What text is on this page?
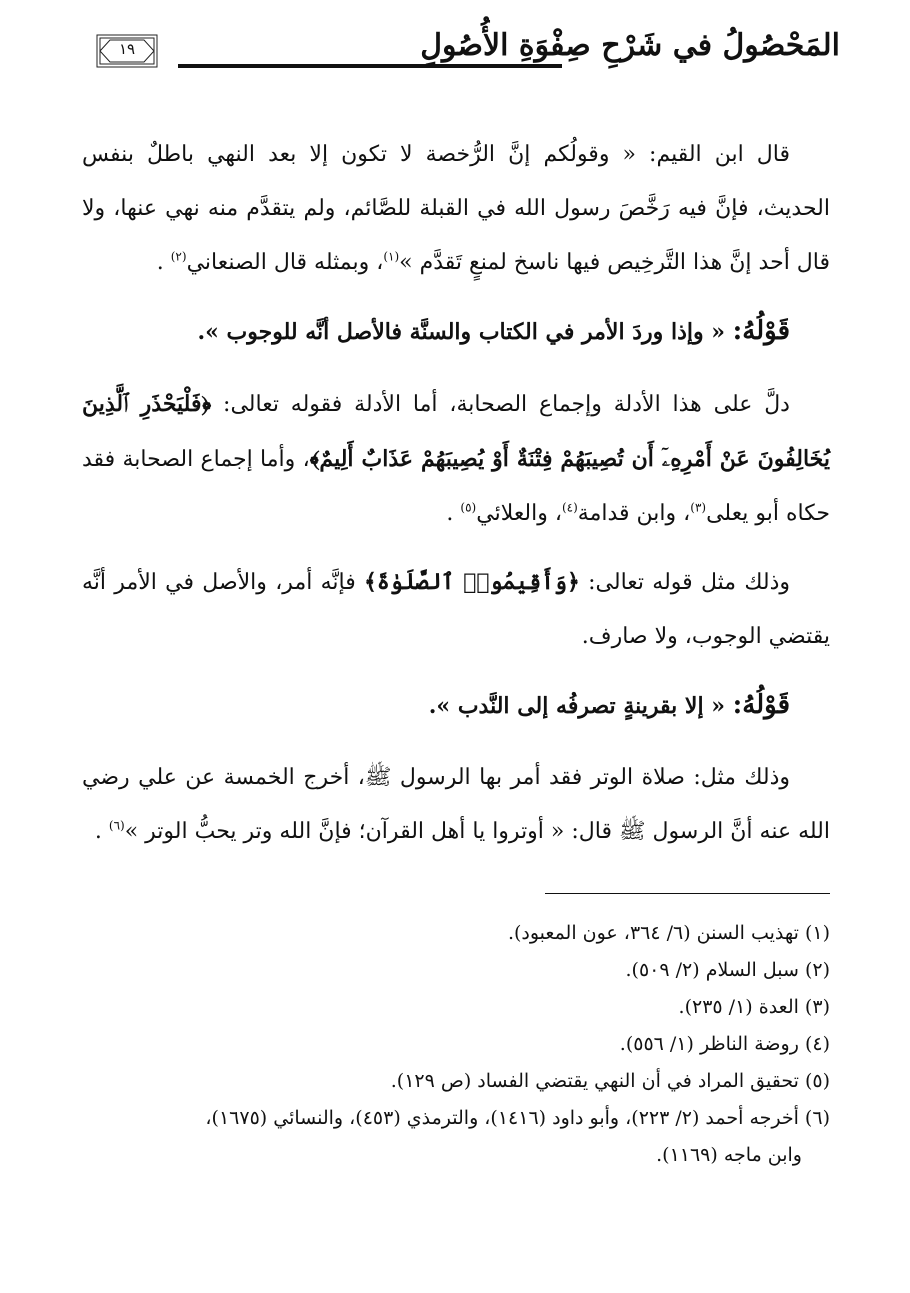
١٩	المَحْصُولُ في شَرْحِ صِفْوَةِ الأُصُولِ

قال ابن القيم: « وقولُكم إنَّ الرُّخصة لا تكون إلا بعد النهي باطلٌ بنفس الحديث، فإنَّ فيه رَخَّصَ رسول الله في القبلة للصَّائم، ولم يتقدَّم منه نهي عنها، ولا قال أحد إنَّ هذا التَّرخِيص فيها ناسخ لمنعٍ تَقدَّم »$^{(١)}$، وبمثله قال الصنعاني$^{(٢)}$ .

قَوْلُهُ: « وإذا وردَ الأمر في الكتاب والسنَّة فالأصل أنَّه للوجوب ».

دلَّ على هذا الأدلة وإجماع الصحابة، أما الأدلة فقوله تعالى: ﴿فَلْيَحْذَرِ ٱلَّذِينَ يُخَالِفُونَ عَنْ أَمْرِهِۦٓ أَن تُصِيبَهُمْ فِتْنَةٌ أَوْ يُصِيبَهُمْ عَذَابٌ أَلِيمٌ﴾، وأما إجماع الصحابة فقد حكاه أبو يعلى$^{(٣)}$، وابن قدامة$^{(٤)}$، والعلائي$^{(٥)}$ .

وذلك مثل قوله تعالى: ﴿وَأَقِيمُوا۟ ٱلصَّلَوٰةَ﴾ فإنَّه أمر، والأصل في الأمر أنَّه يقتضي الوجوب، ولا صارف.

قَوْلُهُ: « إلا بقرينةٍ تصرفُه إلى النَّدب ».

وذلك مثل: صلاة الوتر فقد أمر بها الرسول ﷺ، أخرج الخمسة عن علي رضي الله عنه أنَّ الرسول ﷺ قال: « أوتروا يا أهل القرآن؛ فإنَّ الله وتر يحبُّ الوتر »$^{(٦)}$ .

(١) تهذيب السنن (٦/ ٣٦٤، عون المعبود).

(٢) سبل السلام (٢/ ٥٠٩).

(٣) العدة (١/ ٢٣٥).

(٤) روضة الناظر (١/ ٥٥٦).

(٥) تحقيق المراد في أن النهي يقتضي الفساد (ص ١٢٩).

(٦) أخرجه أحمد (٢/ ٢٢٣)، وأبو داود (١٤١٦)، والترمذي (٤٥٣)، والنسائي (١٦٧٥)،

وابن ماجه (١١٦٩).
